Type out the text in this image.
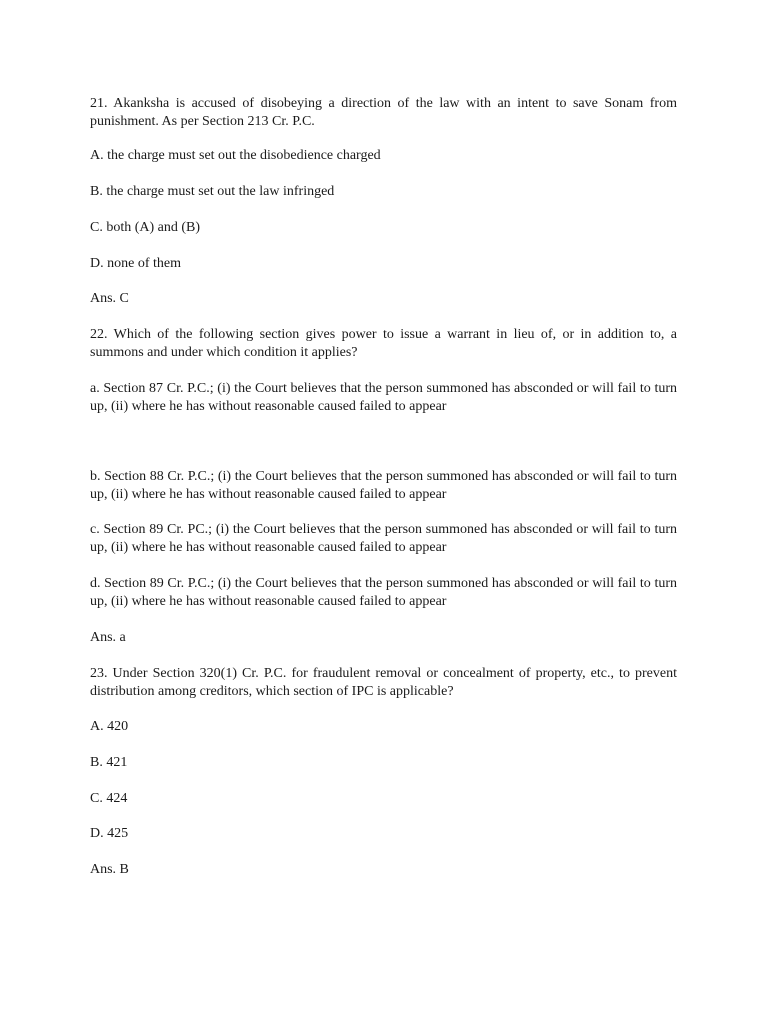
21. Akanksha is accused of disobeying a direction of the law with an intent to save Sonam from punishment. As per Section 213 Cr. P.C.

A. the charge must set out the disobedience charged

B. the charge must set out the law infringed

C. both (A) and (B)

D. none of them

Ans. C

22. Which of the following section gives power to issue a warrant in lieu of, or in addition to, a summons and under which condition it applies?

a. Section 87 Cr. P.C.; (i) the Court believes that the person summoned has absconded or will fail to turn up, (ii) where he has without reasonable caused failed to appear

b. Section 88 Cr. P.C.; (i) the Court believes that the person summoned has absconded or will fail to turn up, (ii) where he has without reasonable caused failed to appear

c. Section 89 Cr. PC.; (i) the Court believes that the person summoned has absconded or will fail to turn up, (ii) where he has without reasonable caused failed to appear

d. Section 89 Cr. P.C.; (i) the Court believes that the person summoned has absconded or will fail to turn up, (ii) where he has without reasonable caused failed to appear

Ans. a

23. Under Section 320(1) Cr. P.C. for fraudulent removal or concealment of property, etc., to prevent distribution among creditors, which section of IPC is applicable?

A. 420

B. 421

C. 424

D. 425

Ans. B
